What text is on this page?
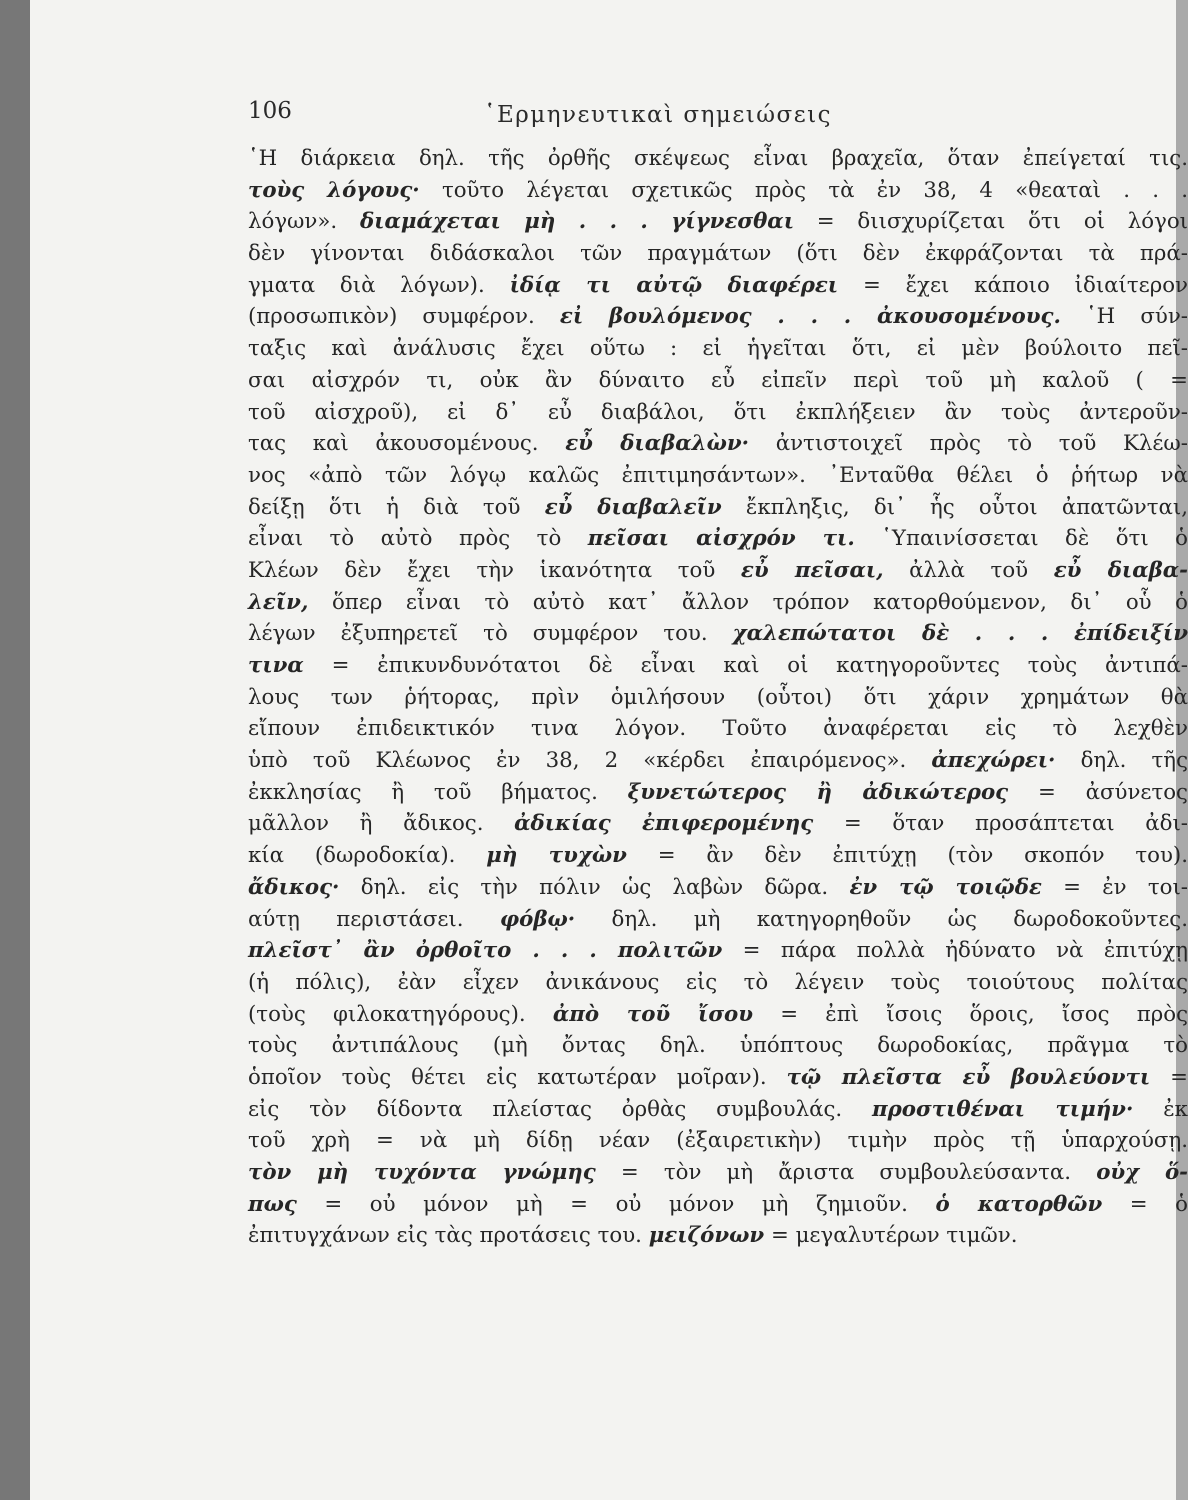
106	῾Ερμηνευτικαὶ σημειώσεις
῾Η διάρκεια δηλ. τῆς ὀρθῆς σκέψεως εἶναι βραχεῖα, ὅταν ἐπείγεταί τις.
τοὺς λόγους· τοῦτο λέγεται σχετικῶς πρὸς τὰ ἐν 38, 4 «θεαταὶ . . .
λόγων». διαμάχεται μὴ . . . γίγνεσθαι = διισχυρίζεται ὅτι οἱ λόγοι
δὲν γίνονται διδάσκαλοι τῶν πραγμάτων (ὅτι δὲν ἐκφράζονται τὰ πρά-
γματα διὰ λόγων). ἰδίᾳ τι αὐτῷ διαφέρει = ἔχει κάποιο ἰδιαίτερον
(προσωπικὸν) συμφέρον. εἰ βουλόμενος . . . ἀκουσομένους. ῾Η σύν-
ταξις καὶ ἀνάλυσις ἔχει οὕτω : εἰ ἡγεῖται ὅτι, εἰ μὲν βούλοιτο πεῖ-
σαι αἰσχρόν τι, οὐκ ἂν δύναιτο εὖ εἰπεῖν περὶ τοῦ μὴ καλοῦ ( =
τοῦ αἰσχροῦ), εἰ δ᾽ εὖ διαβάλοι, ὅτι ἐκπλήξειεν ἂν τοὺς ἀντεροῦν-
τας καὶ ἀκουσομένους. εὖ διαβαλὼν· ἀντιστοιχεῖ πρὸς τὸ τοῦ Κλέω-
νος «ἀπὸ τῶν λόγῳ καλῶς ἐπιτιμησάντων». ᾿Ενταῦθα θέλει ὁ ῥήτωρ νὰ
δείξῃ ὅτι ἡ διὰ τοῦ εὖ διαβαλεῖν ἔκπληξις, δι᾽ ἧς οὗτοι ἀπατῶνται,
εἶναι τὸ αὐτὸ πρὸς τὸ πεῖσαι αἰσχρόν τι. ῾Υπαινίσσεται δὲ ὅτι ὁ
Κλέων δὲν ἔχει τὴν ἱκανότητα τοῦ εὖ πεῖσαι, ἀλλὰ τοῦ εὖ διαβα-
λεῖν, ὅπερ εἶναι τὸ αὐτὸ κατ᾽ ἄλλον τρόπον κατορθούμενον, δι᾽ οὗ ὁ
λέγων ἐξυπηρετεῖ τὸ συμφέρον του. χαλεπώτατοι δὲ . . . ἐπίδειξίν
τινα = ἐπικυνδυνότατοι δὲ εἶναι καὶ οἱ κατηγοροῦντες τοὺς ἀντιπά-
λους των ῥήτορας, πρὶν ὁμιλήσουν (οὗτοι) ὅτι χάριν χρημάτων θὰ
εἴπουν ἐπιδεικτικόν τινα λόγον. Τοῦτο ἀναφέρεται εἰς τὸ λεχθὲν
ὑπὸ τοῦ Κλέωνος ἐν 38, 2 «κέρδει ἐπαιρόμενος». ἀπεχώρει· δηλ. τῆς
ἐκκλησίας ἢ τοῦ βήματος. ξυνετώτερος ἢ ἀδικώτερος = ἀσύνετος
μᾶλλον ἢ ἄδικος. ἀδικίας ἐπιφερομένης = ὅταν προσάπτεται ἀδι-
κία (δωροδοκία). μὴ τυχὼν = ἂν δὲν ἐπιτύχῃ (τὸν σκοπόν του).
ἄδικος· δηλ. εἰς τὴν πόλιν ὡς λαβὼν δῶρα. ἐν τῷ τοιῷδε = ἐν τοι-
αύτῃ περιστάσει. φόβῳ· δηλ. μὴ κατηγορηθοῦν ὡς δωροδοκοῦντες.
πλεῖστ᾽ ἂν ὀρθοῖτο . . . πολιτῶν = πάρα πολλὰ ἠδύνατο νὰ ἐπιτύχῃ
(ἡ πόλις), ἐὰν εἶχεν ἀνικάνους εἰς τὸ λέγειν τοὺς τοιούτους πολίτας
(τοὺς φιλοκατηγόρους). ἀπὸ τοῦ ἴσου = ἐπὶ ἴσοις ὅροις, ἴσος πρὸς
τοὺς ἀντιπάλους (μὴ ὄντας δηλ. ὑπόπτους δωροδοκίας, πρᾶγμα τὸ
ὁποῖον τοὺς θέτει εἰς κατωτέραν μοῖραν). τῷ πλεῖστα εὖ βουλεύοντι =
εἰς τὸν δίδοντα πλείστας ὀρθὰς συμβουλάς. προστιθέναι τιμήν· ἐκ
τοῦ χρὴ = νὰ μὴ δίδῃ νέαν (ἐξαιρετικὴν) τιμὴν πρὸς τῇ ὑπαρχούσῃ.
τὸν μὴ τυχόντα γνώμης = τὸν μὴ ἄριστα συμβουλεύσαντα. οὐχ ὅ-
πως = οὐ μόνον μὴ = οὐ μόνον μὴ ζημιοῦν. ὁ κατορθῶν = ὁ
ἐπιτυγχάνων εἰς τὰς προτάσεις του. μειζόνων = μεγαλυτέρων τιμῶν.
